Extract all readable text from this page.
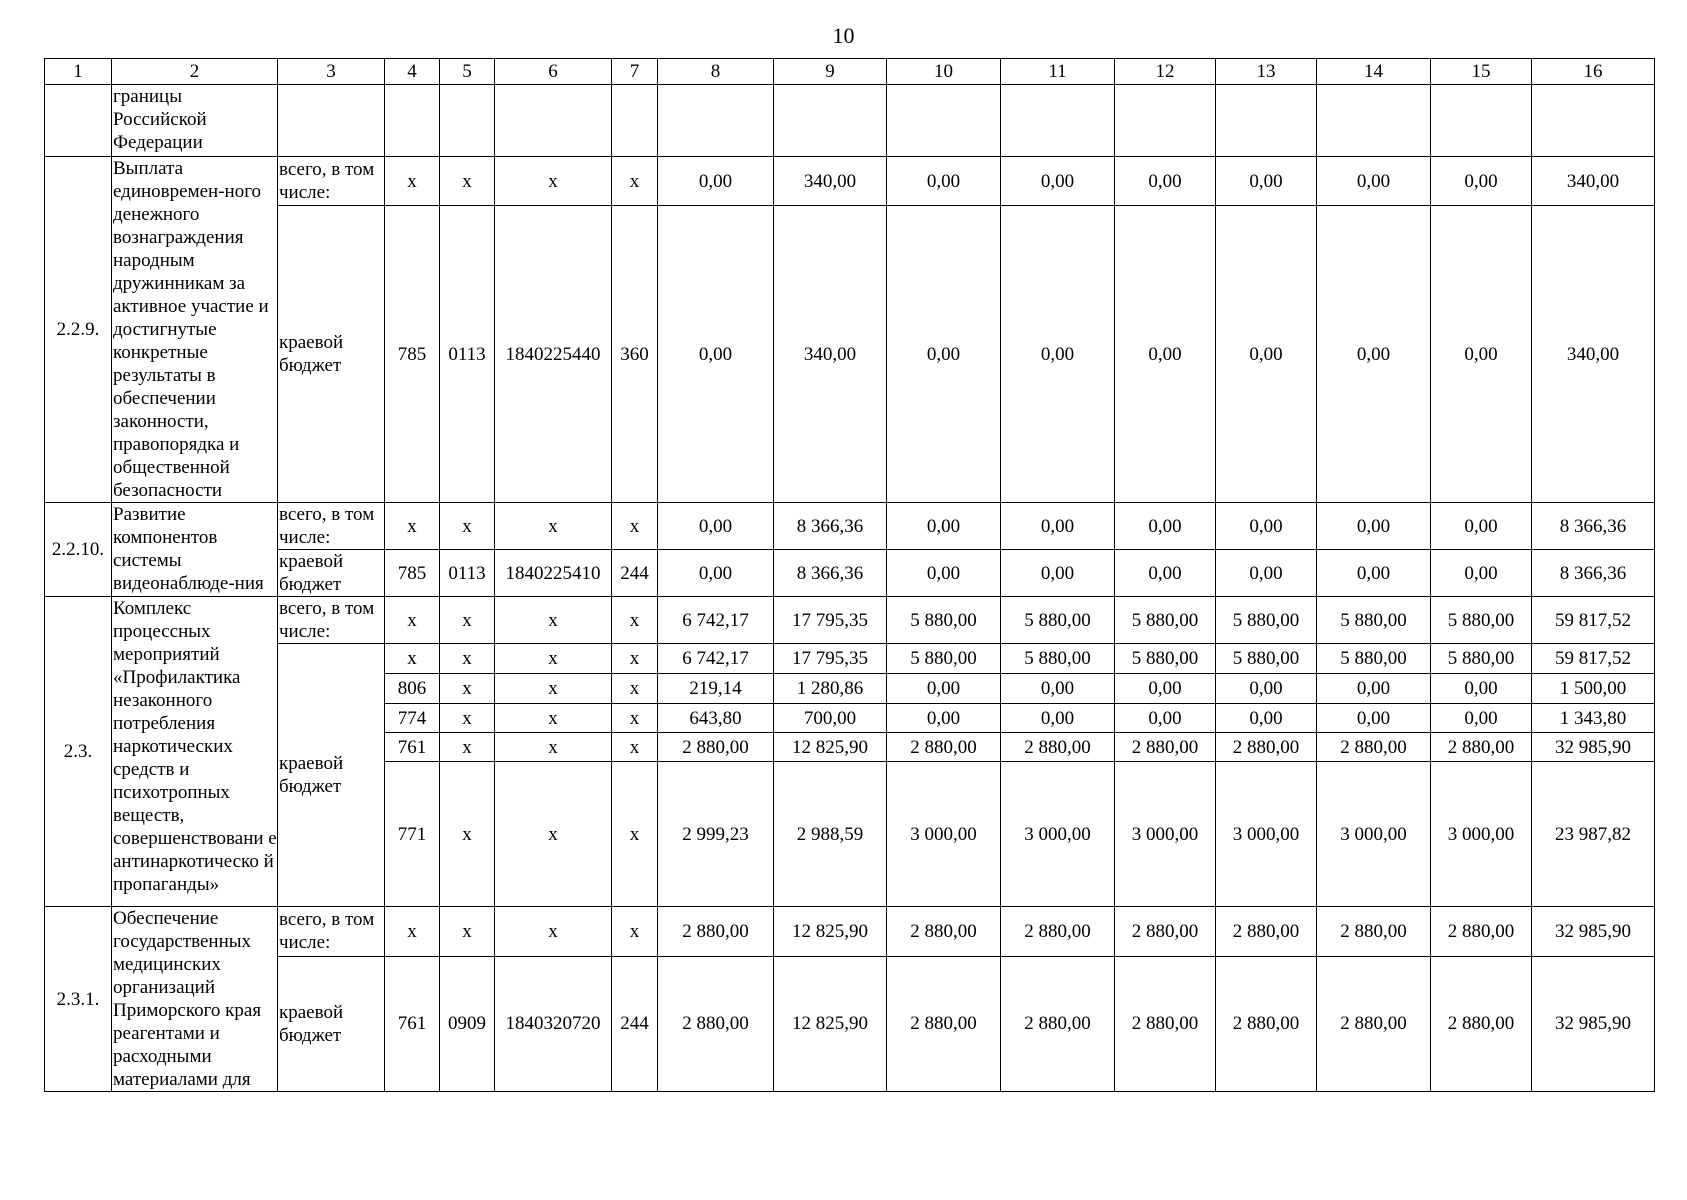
10
1	2	3	4	5	6	7	8	9	10	11	12	13	14	15	16
	границы Российской Федерации														
2.2.9.	Выплата единовремен-ного денежного вознаграждения народным дружинникам за активное участие и достигнутые конкретные результаты в обеспечении законности, правопорядка и общественной безопасности	всего, в том числе:	х	х	х	х	0,00	340,00	0,00	0,00	0,00	0,00	0,00	0,00	340,00
		краевой бюджет	785	0113	1840225440	360	0,00	340,00	0,00	0,00	0,00	0,00	0,00	0,00	340,00
2.2.10.	Развитие компонентов системы видеонаблюде-ния	всего, в том числе:	х	х	х	х	0,00	8 366,36	0,00	0,00	0,00	0,00	0,00	0,00	8 366,36
		краевой бюджет	785	0113	1840225410	244	0,00	8 366,36	0,00	0,00	0,00	0,00	0,00	0,00	8 366,36
2.3.	Комплекс процессных мероприятий «Профилактика незаконного потребления наркотических средств и психотропных веществ, совершенствовани е антинаркотическо й пропаганды»	всего, в том числе:	х	х	х	х	6 742,17	17 795,35	5 880,00	5 880,00	5 880,00	5 880,00	5 880,00	5 880,00	59 817,52
		краевой бюджет	х	х	х	х	6 742,17	17 795,35	5 880,00	5 880,00	5 880,00	5 880,00	5 880,00	5 880,00	59 817,52
			806	х	х	х	219,14	1 280,86	0,00	0,00	0,00	0,00	0,00	0,00	1 500,00
			774	х	х	х	643,80	700,00	0,00	0,00	0,00	0,00	0,00	0,00	1 343,80
			761	х	х	х	2 880,00	12 825,90	2 880,00	2 880,00	2 880,00	2 880,00	2 880,00	2 880,00	32 985,90
			771	х	х	х	2 999,23	2 988,59	3 000,00	3 000,00	3 000,00	3 000,00	3 000,00	3 000,00	23 987,82
2.3.1.	Обеспечение государственных медицинских организаций Приморского края реагентами и расходными материалами для	всего, в том числе:	х	х	х	х	2 880,00	12 825,90	2 880,00	2 880,00	2 880,00	2 880,00	2 880,00	2 880,00	32 985,90
		краевой бюджет	761	0909	1840320720	244	2 880,00	12 825,90	2 880,00	2 880,00	2 880,00	2 880,00	2 880,00	2 880,00	32 985,90
